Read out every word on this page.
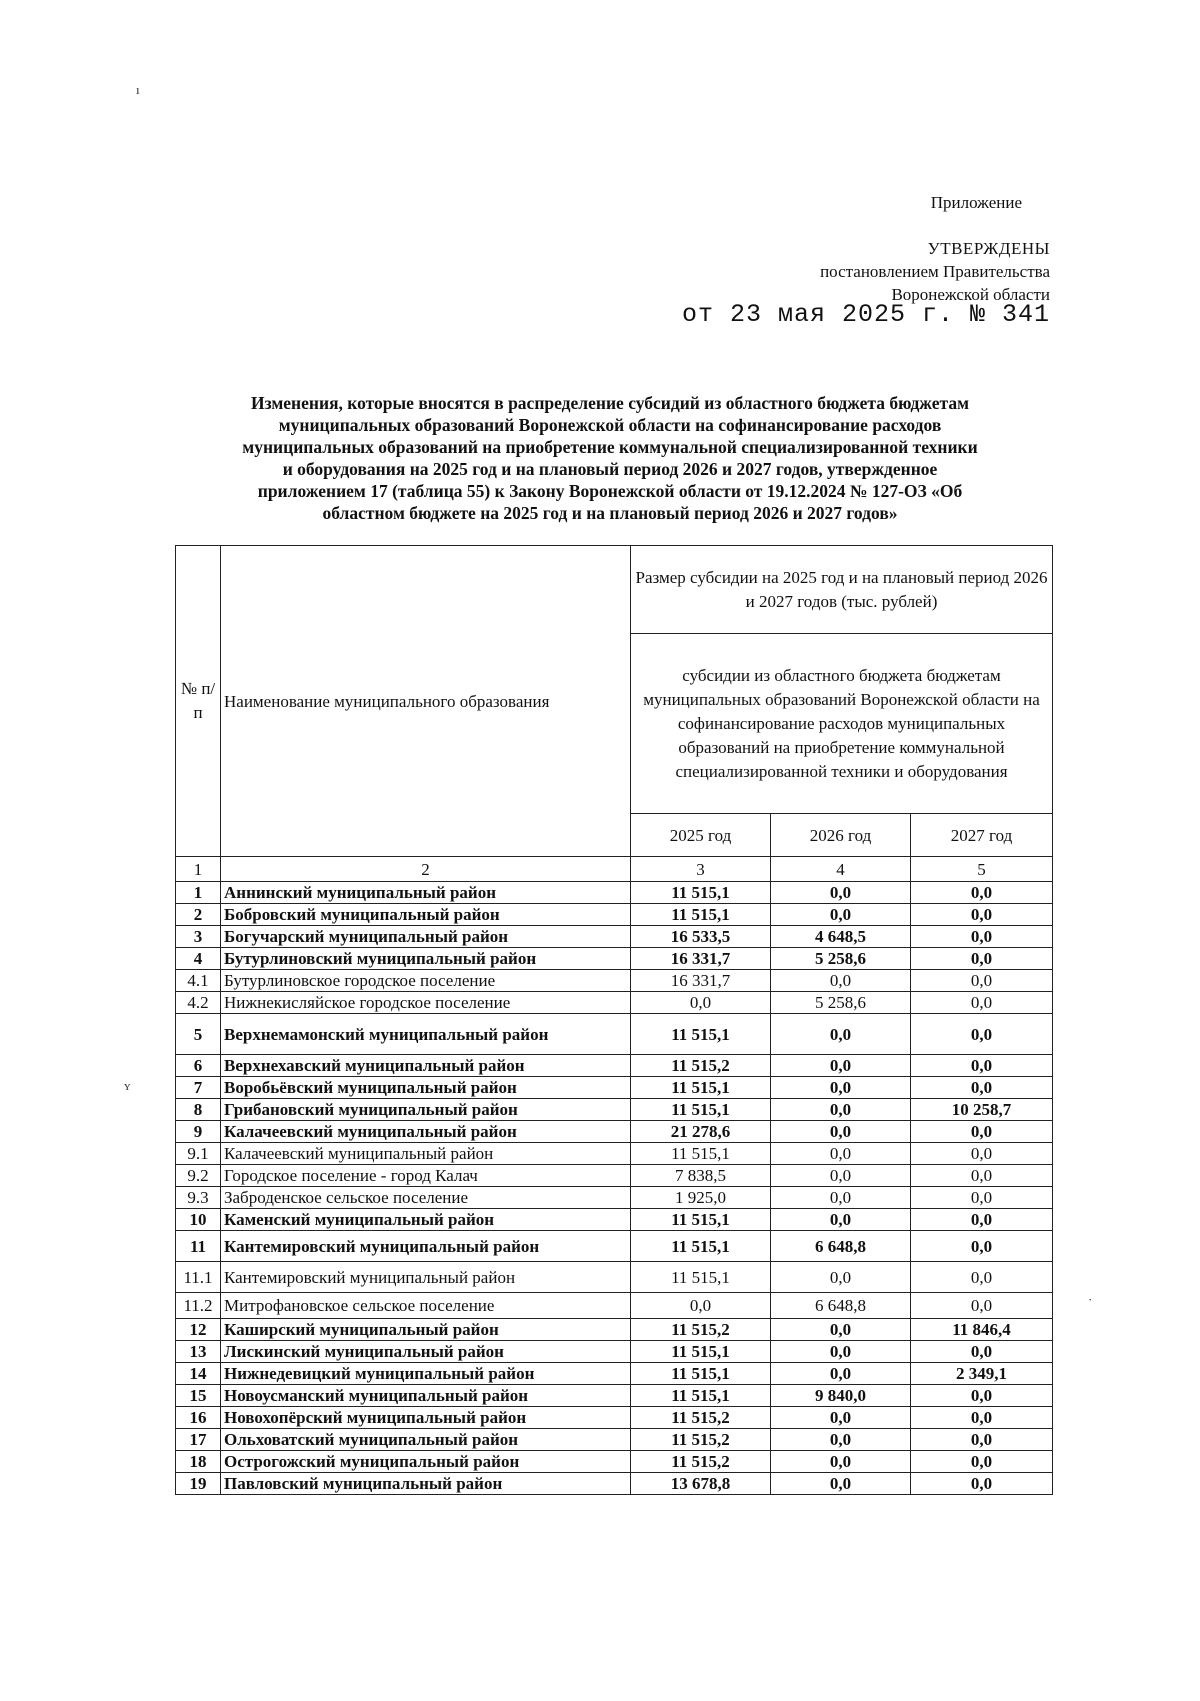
Приложение
УТВЕРЖДЕНЫ
постановлением Правительства
Воронежской области
от 23 мая 2025 г. № 341
ı
ʏ
·
Изменения, которые вносятся в распределение субсидий из областного бюджета бюджетам
муниципальных образований Воронежской области на софинансирование расходов
муниципальных образований на приобретение коммунальной специализированной техники
и оборудования на 2025 год и на плановый период 2026 и 2027 годов, утвержденное
приложением 17 (таблица 55) к Закону Воронежской области от 19.12.2024 № 127-ОЗ «Об
областном бюджете на 2025 год и на плановый период 2026 и 2027 годов»
№ п/п	Наименование муниципального образования	Размер субсидии на 2025 год и на плановый период 2026 и 2027 годов (тыс. рублей)		
		субсидии из областного бюджета бюджетам муниципальных образований Воронежской области на софинансирование расходов муниципальных образований на приобретение коммунальной специализированной техники и оборудования		
		2025 год	2026 год	2027 год
1	2	3	4	5
1	Аннинский муниципальный район	11 515,1	0,0	0,0
2	Бобровский муниципальный район	11 515,1	0,0	0,0
3	Богучарский муниципальный район	16 533,5	4 648,5	0,0
4	Бутурлиновский муниципальный район	16 331,7	5 258,6	0,0
4.1	Бутурлиновское городское поселение	16 331,7	0,0	0,0
4.2	Нижнекисляйское городское поселение	0,0	5 258,6	0,0
5	Верхнемамонский муниципальный район	11 515,1	0,0	0,0
6	Верхнехавский муниципальный район	11 515,2	0,0	0,0
7	Воробьёвский муниципальный район	11 515,1	0,0	0,0
8	Грибановский муниципальный район	11 515,1	0,0	10 258,7
9	Калачеевский муниципальный район	21 278,6	0,0	0,0
9.1	Калачеевский муниципальный район	11 515,1	0,0	0,0
9.2	Городское поселение - город Калач	7 838,5	0,0	0,0
9.3	Заброденское сельское поселение	1 925,0	0,0	0,0
10	Каменский муниципальный район	11 515,1	0,0	0,0
11	Кантемировский муниципальный район	11 515,1	6 648,8	0,0
11.1	Кантемировский муниципальный район	11 515,1	0,0	0,0
11.2	Митрофановское сельское поселение	0,0	6 648,8	0,0
12	Каширский муниципальный район	11 515,2	0,0	11 846,4
13	Лискинский муниципальный район	11 515,1	0,0	0,0
14	Нижнедевицкий муниципальный район	11 515,1	0,0	2 349,1
15	Новоусманский муниципальный район	11 515,1	9 840,0	0,0
16	Новохопёрский муниципальный район	11 515,2	0,0	0,0
17	Ольховатский муниципальный район	11 515,2	0,0	0,0
18	Острогожский муниципальный район	11 515,2	0,0	0,0
19	Павловский муниципальный район	13 678,8	0,0	0,0
